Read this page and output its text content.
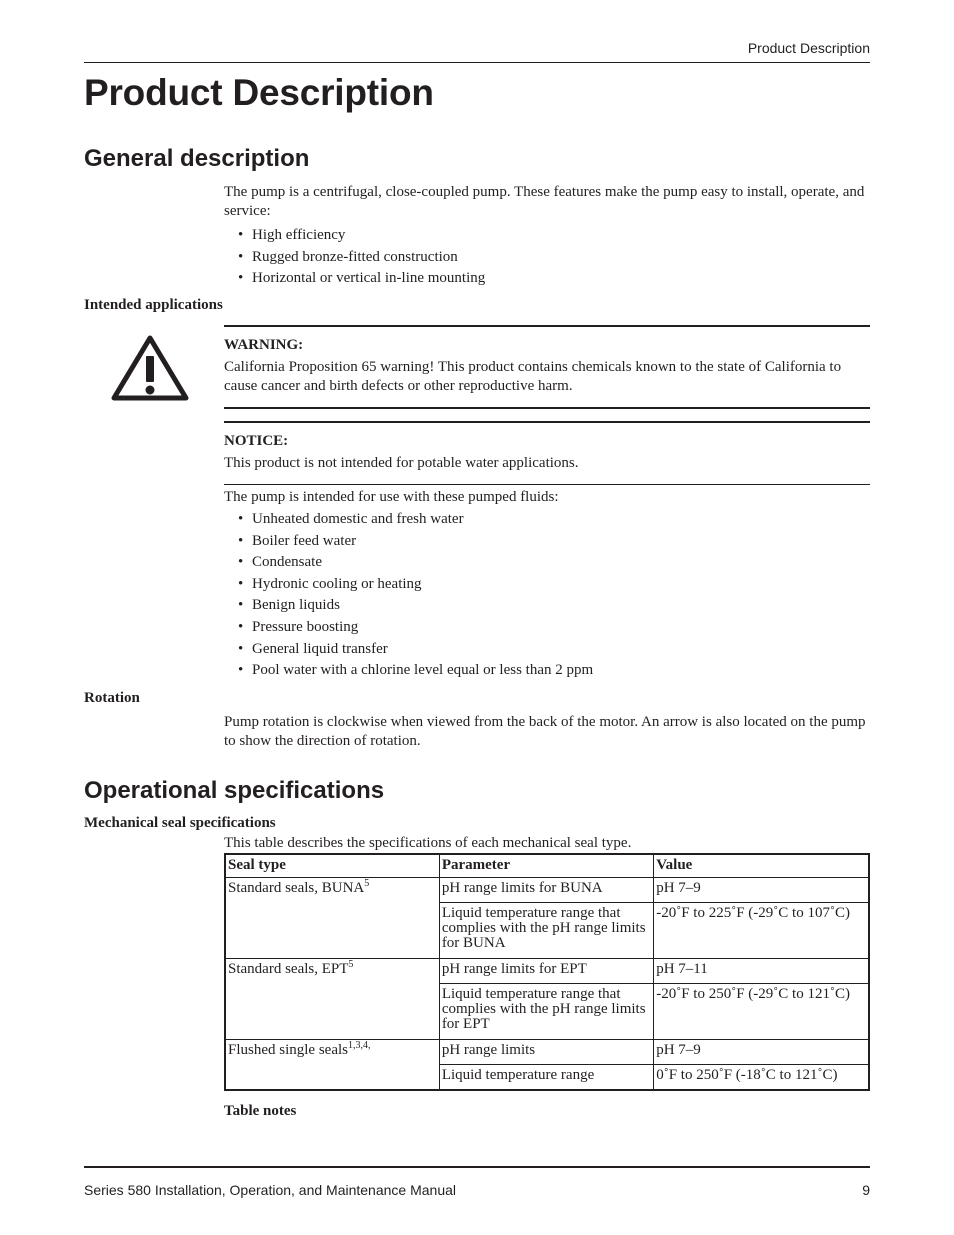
Product Description
Product Description
General description

The pump is a centrifugal, close-coupled pump. These features make the pump easy to install, operate, and service:

• High efficiency
• Rugged bronze-fitted construction
• Horizontal or vertical in-line mounting
Intended applications
WARNING:

California Proposition 65 warning! This product contains chemicals known to the state of California to cause cancer and birth defects or other reproductive harm.

NOTICE:

This product is not intended for potable water applications.

The pump is intended for use with these pumped fluids:

• Unheated domestic and fresh water
• Boiler feed water
• Condensate
• Hydronic cooling or heating
• Benign liquids
• Pressure boosting
• General liquid transfer
• Pool water with a chlorine level equal or less than 2 ppm
Rotation

Pump rotation is clockwise when viewed from the back of the motor. An arrow is also located on the pump to show the direction of rotation.

Operational specifications
Mechanical seal specifications
This table describes the specifications of each mechanical seal type.
Seal type	Parameter	Value
Standard seals, BUNA$^5$	pH range limits for BUNA	pH 7–9
	Liquid temperature range that complies with the pH range limits for BUNA	-20˚F to 225˚F (-29˚C to 107˚C)
Standard seals, EPT$^5$	pH range limits for EPT	pH 7–11
	Liquid temperature range that complies with the pH range limits for EPT	-20˚F to 250˚F (-29˚C to 121˚C)
Flushed single seals$^{1,3,4,}$	pH range limits	pH 7–9
	Liquid temperature range	0˚F to 250˚F (-18˚C to 121˚C)
Table notes
Series 580 Installation, Operation, and Maintenance Manual	9
